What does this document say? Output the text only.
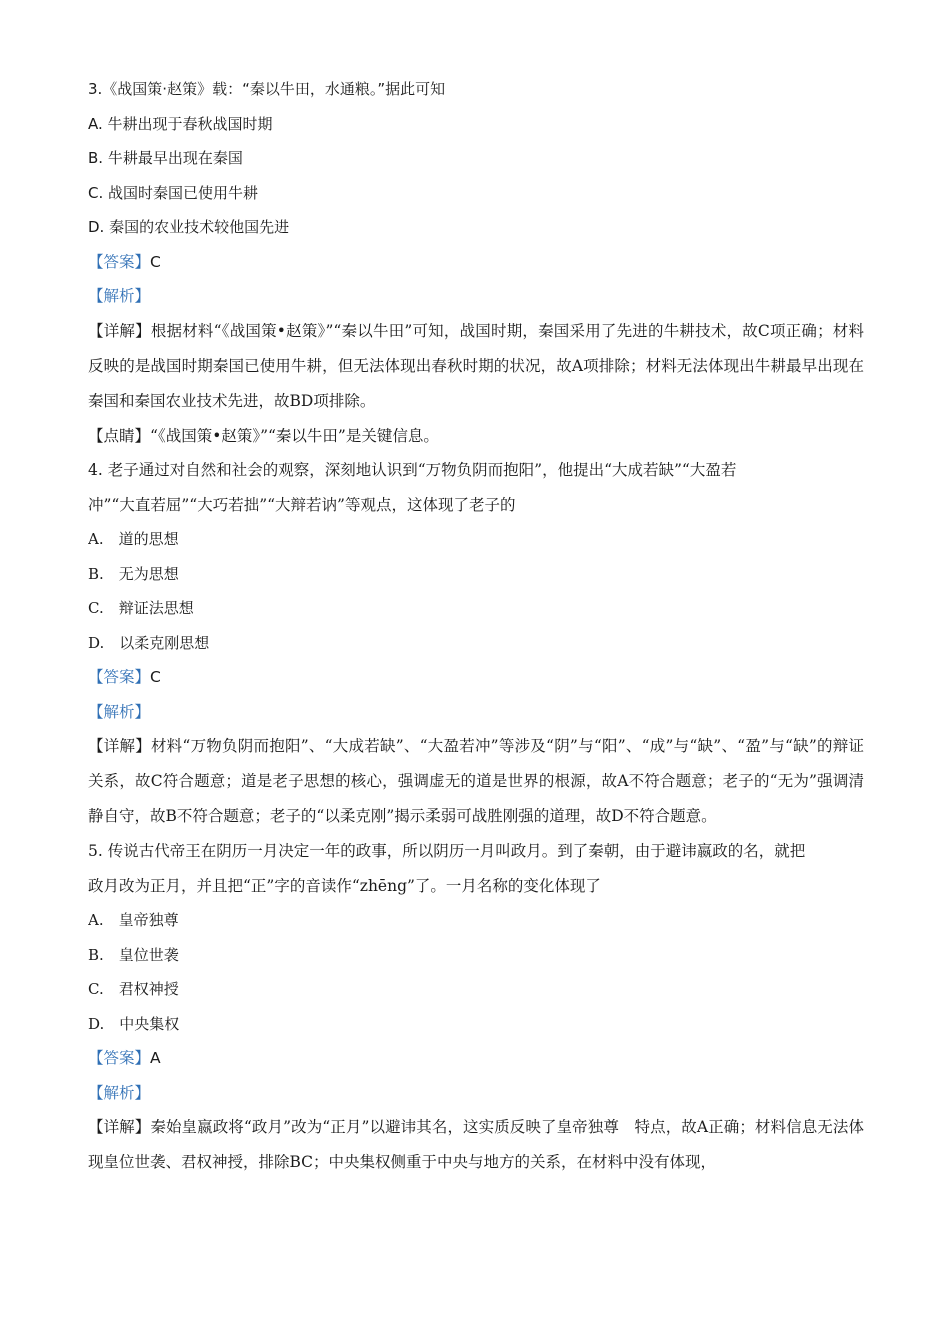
3.《战国策·赵策》载：“秦以牛田，水通粮。”据此可知
A. 牛耕出现于春秋战国时期
B. 牛耕最早出现在秦国
C. 战国时秦国已使用牛耕
D. 秦国的农业技术较他国先进
【答案】C
【解析】
【详解】根据材料“《战国策•赵策》”“秦以牛田”可知，战国时期，秦国采用了先进的牛耕技术，故C项正确；材料反映的是战国时期秦国已使用牛耕，但无法体现出春秋时期的状况，故A项排除；材料无法体现出牛耕最早出现在秦国和秦国农业技术先进，故BD项排除。
【点睛】“《战国策•赵策》”“秦以牛田”是关键信息。
4. 老子通过对自然和社会的观察，深刻地认识到“万物负阴而抱阳”，他提出“大成若缺”“大盈若
冲”“大直若屈”“大巧若拙”“大辩若讷”等观点，这体现了老子的
A.　道的思想
B.　无为思想
C.　辩证法思想
D.　以柔克刚思想
【答案】C
【解析】
【详解】材料“万物负阴而抱阳”、“大成若缺”、“大盈若冲”等涉及“阴”与“阳”、“成”与“缺”、“盈”与“缺”的辩证关系，故C符合题意；道是老子思想的核心，强调虚无的道是世界的根源，故A不符合题意；老子的“无为”强调清静自守，故B不符合题意；老子的“以柔克刚”揭示柔弱可战胜刚强的道理，故D不符合题意。
5. 传说古代帝王在阴历一月决定一年的政事，所以阴历一月叫政月。到了秦朝，由于避讳嬴政的名，就把
政月改为正月，并且把“正”字的音读作“zhēng”了。一月名称的变化体现了
A.　皇帝独尊
B.　皇位世袭
C.　君权神授
D.　中央集权
【答案】A
【解析】
【详解】秦始皇嬴政将“政月”改为“正月”以避讳其名，这实质反映了皇帝独尊　特点，故A正确；材料信息无法体现皇位世袭、君权神授，排除BC；中央集权侧重于中央与地方的关系，在材料中没有体现，
